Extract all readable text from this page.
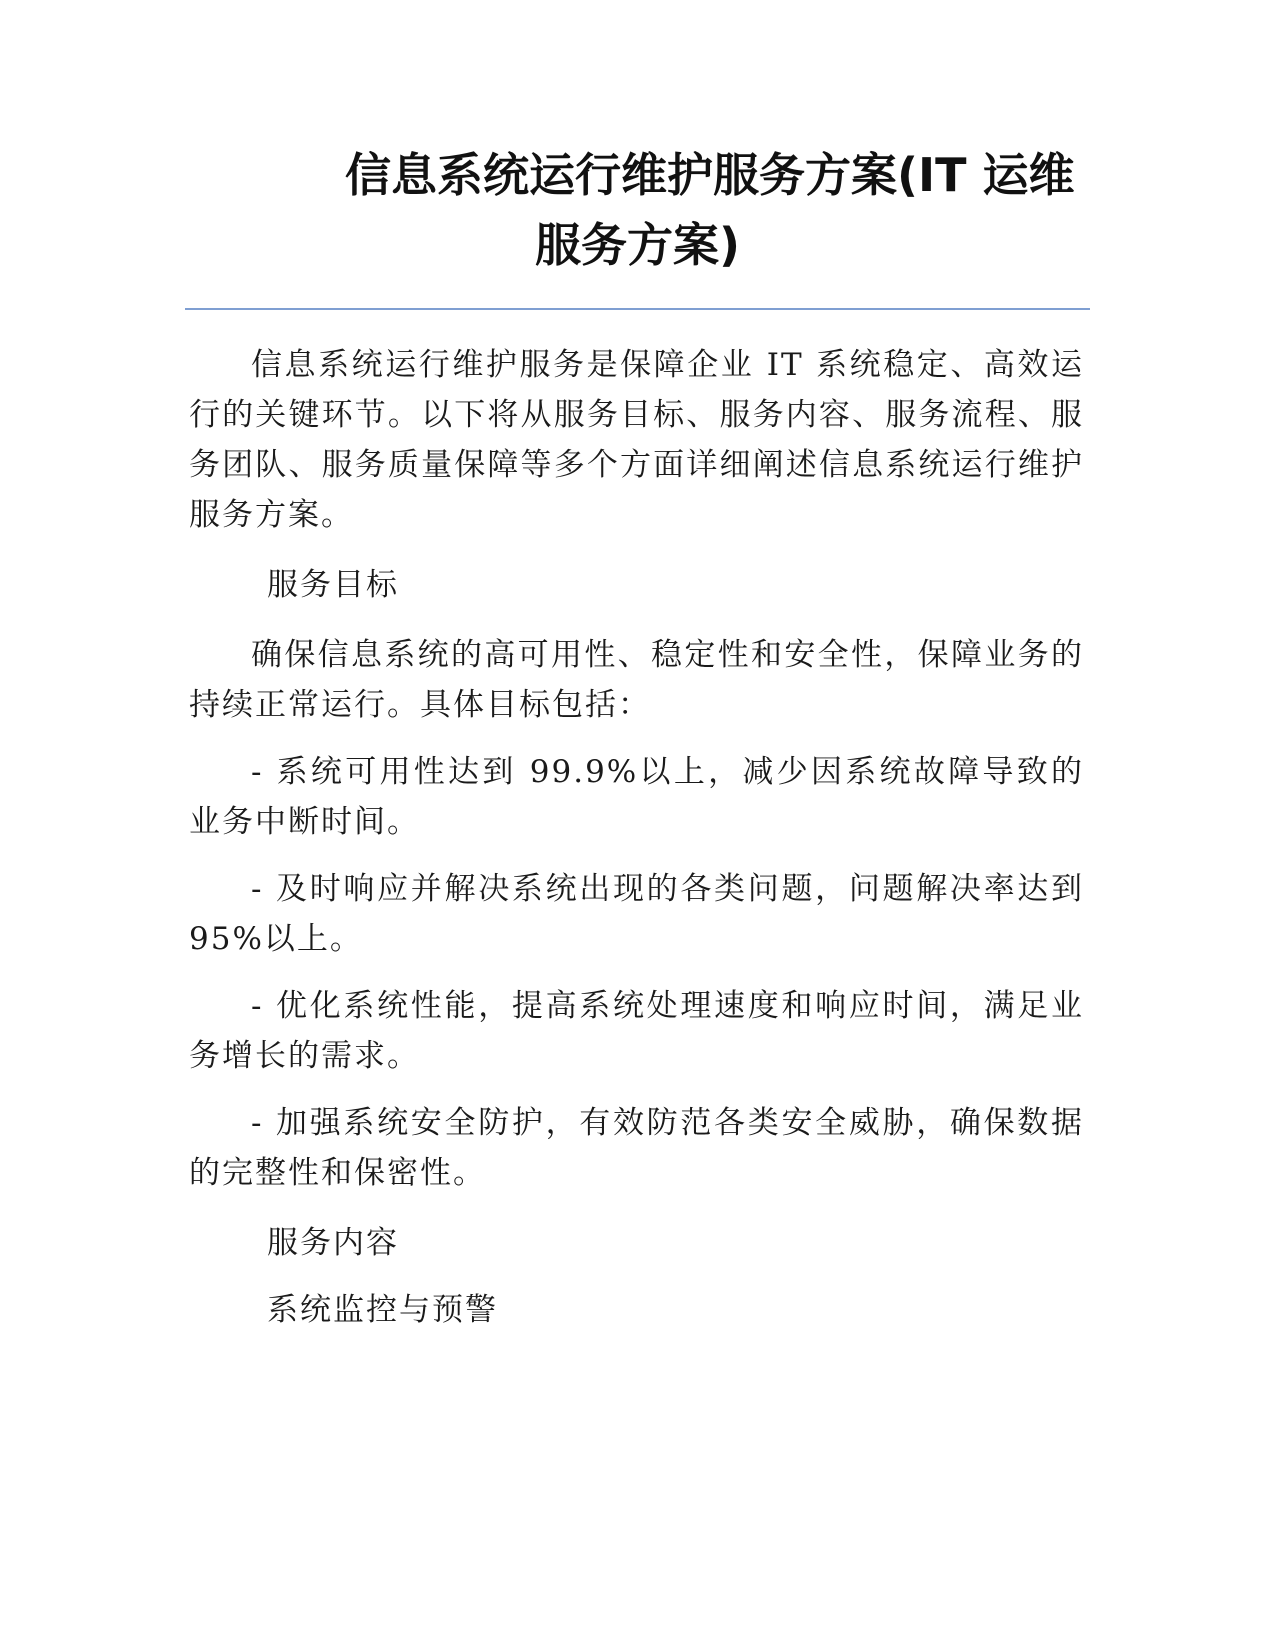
信息系统运行维护服务方案(IT 运维
服务方案)

信息系统运行维护服务是保障企业 IT 系统稳定、高效运行的关键环节。以下将从服务目标、服务内容、服务流程、服务团队、服务质量保障等多个方面详细阐述信息系统运行维护服务方案。

服务目标

确保信息系统的高可用性、稳定性和安全性，保障业务的持续正常运行。具体目标包括：

- 系统可用性达到 99.9%以上，减少因系统故障导致的业务中断时间。

- 及时响应并解决系统出现的各类问题，问题解决率达到95%以上。

- 优化系统性能，提高系统处理速度和响应时间，满足业务增长的需求。

- 加强系统安全防护，有效防范各类安全威胁，确保数据的完整性和保密性。

服务内容

系统监控与预警
